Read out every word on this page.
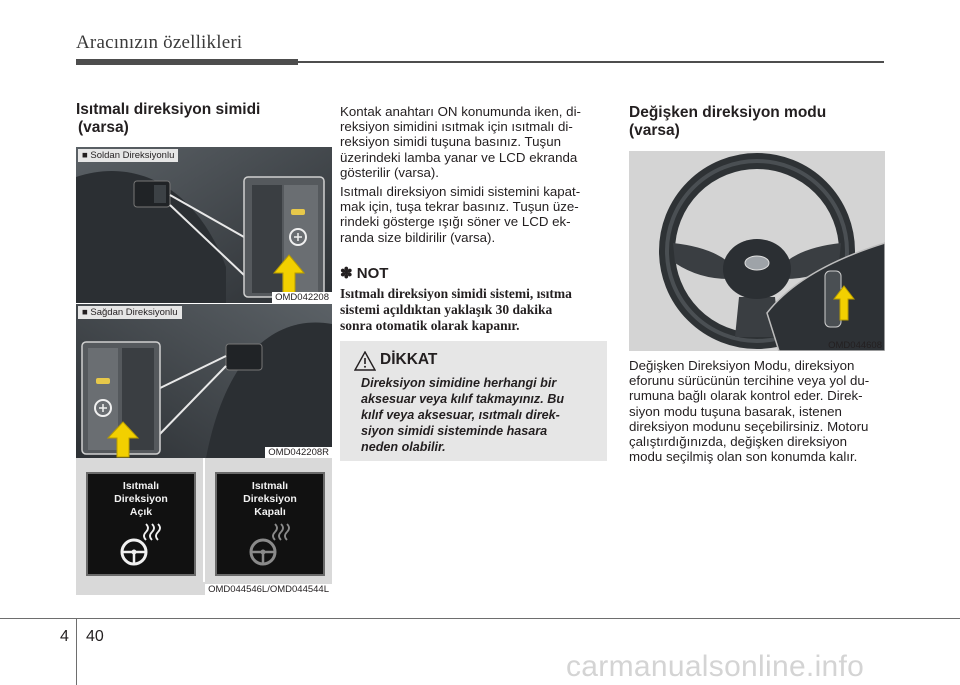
Aracınızın özellikleri
Isıtmalı direksiyon simidi
(varsa)
■ Soldan Direksiyonlu
OMD042208
■ Sağdan Direksiyonlu
OMD042208R
Isıtmalı
Direksiyon
Açık
Isıtmalı
Direksiyon
Kapalı
OMD044546L/OMD044544L
Kontak anahtarı ON konumunda iken, di-
reksiyon simidini ısıtmak için ısıtmalı di-
reksiyon simidi tuşuna basınız. Tuşun
üzerindeki lamba yanar ve LCD ekranda
gösterilir (varsa).
Isıtmalı direksiyon simidi sistemini kapat-
mak için, tuşa tekrar basınız. Tuşun üze-
rindeki gösterge ışığı söner ve LCD ek-
randa size bildirilir (varsa).
✽ NOT
Isıtmalı direksiyon simidi sistemi, ısıtma
sistemi açıldıktan yaklaşık 30 dakika
sonra otomatik olarak kapanır.
DİKKAT
Direksiyon simidine herhangi bir
aksesuar veya kılıf takmayınız. Bu
kılıf veya aksesuar, ısıtmalı direk-
siyon simidi sisteminde hasara
neden olabilir.
Değişken direksiyon modu
(varsa)
OMD044608
Değişken Direksiyon Modu, direksiyon
eforunu sürücünün tercihine veya yol du-
rumuna bağlı olarak kontrol eder. Direk-
siyon modu tuşuna basarak, istenen
direksiyon modunu seçebilirsiniz. Motoru
çalıştırdığınızda, değişken direksiyon
modu seçilmiş olan son konumda kalır.
4 40
carmanualsonline.info
